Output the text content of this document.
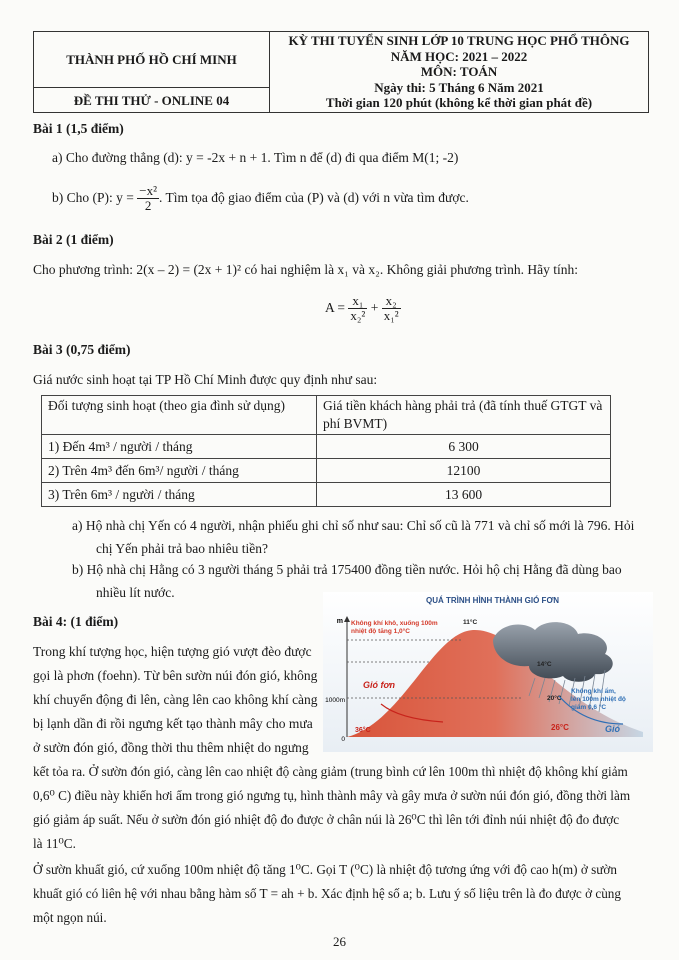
THÀNH PHỐ HỒ CHÍ MINH
ĐỀ THI THỬ - ONLINE 04
KỲ THI TUYỂN SINH LỚP 10 TRUNG HỌC PHỔ THÔNG
NĂM HỌC: 2021 – 2022
MÔN: TOÁN
Ngày thi: 5 Tháng 6 Năm 2021
Thời gian 120 phút (không kể thời gian phát đề)
Bài 1 (1,5 điểm)
a) Cho đường thẳng (d): y = -2x + n + 1. Tìm n để (d) đi qua điểm M(1; -2)
b) Cho (P): $y = \frac{\text{−x²}}{2}$ . Tìm tọa độ giao điểm của (P) và (d) với n vừa tìm được.
Bài 2 (1 điểm)
Cho phương trình: 2(x – 2) = (2x + 1)² có hai nghiệm là x₁ và x₂. Không giải phương trình. Hãy tính:
$A = \frac{\text{x₁}}{\text{x₂²}} + \frac{\text{x₂}}{\text{x₁²}}$
Bài 3 (0,75 điểm)
Giá nước sinh hoạt tại TP Hồ Chí Minh được quy định như sau:
Đối tượng sinh hoạt (theo gia đình sử dụng)	Giá tiền khách hàng phải trả (đã tính thuế GTGT và phí BVMT)
1) Đến 4m³ / người / tháng	6 300
2) Trên 4m³ đến 6m³/ người / tháng	12100
3) Trên 6m³ / người / tháng	13 600
a) Hộ nhà chị Yến có 4 người, nhận phiếu ghi chỉ số như sau: Chỉ số cũ là 771 và chỉ số mới là 796. Hỏi
chị Yến phải trả bao nhiêu tiền?
b) Hộ nhà chị Hằng có 3 người tháng 5 phải trả 175400 đồng tiền nước. Hỏi hộ chị Hằng đã dùng bao
nhiều lít nước.
Bài 4: (1 điểm)
Trong khí tượng học, hiện tượng gió vượt đèo được
gọi là phơn (foehn). Từ bên sườn núi đón gió, không
khí chuyển động đi lên, càng lên cao không khí càng
bị lạnh dần đi rồi ngưng kết tạo thành mây cho mưa
ở sườn đón gió, đồng thời thu thêm nhiệt do ngưng
kết tỏa ra. Ở sườn đón gió, càng lên cao nhiệt độ càng giảm (trung bình cứ lên 100m thì nhiệt độ không khí giảm
0,6⁰ C) điều này khiến hơi ẩm trong gió ngưng tụ, hình thành mây và gây mưa ở sườn núi đón gió, đồng thời làm
gió giảm áp suất. Nếu ở sườn đón gió nhiệt độ đo được ở chân núi là 26⁰C thì lên tới đỉnh núi nhiệt độ đo được
là 11⁰C.
Ở sườn khuất gió, cứ xuống 100m nhiệt độ tăng 1⁰C. Gọi T (⁰C) là nhiệt độ tương ứng với độ cao h(m) ở sườn
khuất gió có liên hệ với nhau bằng hàm số T = ah + b. Xác định hệ số a; b. Lưu ý số liệu trên là đo được ở cùng
một ngọn núi.
QUÁ TRÌNH HÌNH THÀNH GIÓ FƠN
m
1000m
0
Không khí khô, xuống 100m
nhiệt độ tăng 1,0°C
11°C
14°C
20°C
Không khí ẩm,
lên 100m nhiệt độ
giảm 0,6 °C
Gió fơn
36°C	26°C	Gió
26
